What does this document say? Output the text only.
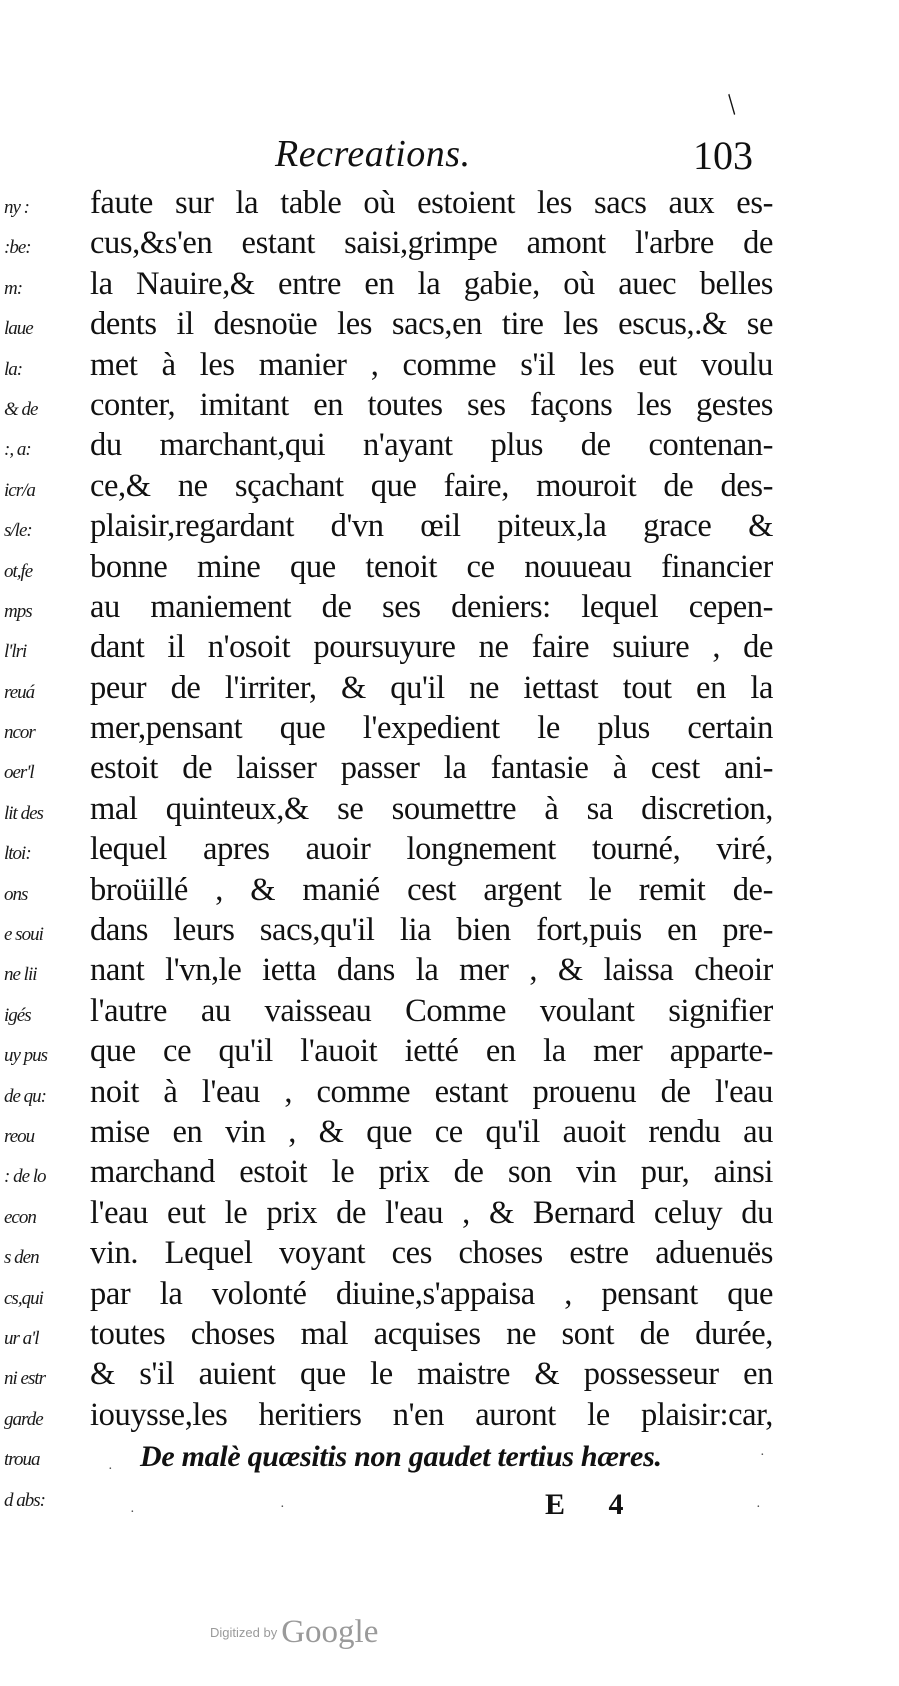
/
Recreations.	103
ny :
:be:
m:
laue
la:
& de
:, a:
icr/a
s/le:
ot,fe
mps
l'lri
reuá
ncor
oer'l
lit des
ltoi:
ons
e soui
ne lii
igés
uy pus
de qu:
reou
: de lo
econ
s den
cs,qui
ur a'l
ni estr
garde
troua
d abs:
faute sur la table où estoient les sacs aux es-
cus,&s'en estant saisi,grimpe amont l'arbre de
la Nauire,& entre en la gabie, où auec belles
dents il desnoüe les sacs,en tire les escus,.& se
met à les manier , comme s'il les eut voulu
conter, imitant en toutes ses façons les gestes
du marchant,qui n'ayant plus de contenan-
ce,& ne sçachant que faire, mouroit de des-
plaisir,regardant d'vn œil piteux,la grace &
bonne mine que tenoit ce nouueau financier
au maniement de ses deniers: lequel cepen-
dant il n'osoit poursuyure ne faire suiure , de
peur de l'irriter, & qu'il ne iettast tout en la
mer,pensant que l'expedient le plus certain
estoit de laisser passer la fantasie à cest ani-
mal quinteux,& se soumettre à sa discretion,
lequel apres auoir longnement tourné, viré,
broüillé , & manié cest argent le remit de-
dans leurs sacs,qu'il lia bien fort,puis en pre-
nant l'vn,le ietta dans la mer , & laissa cheoir
l'autre au vaisseau Comme voulant signifier
que ce qu'il l'auoit ietté en la mer apparte-
noit à l'eau , comme estant prouenu de l'eau
mise en vin , & que ce qu'il auoit rendu au
marchand estoit le prix de son vin pur, ainsi
l'eau eut le prix de l'eau , & Bernard celuy du
vin. Lequel voyant ces choses estre aduenuës
par la volonté diuine,s'appaisa , pensant que
toutes choses mal acquises ne sont de durée,
& s'il auient que le maistre & possesseur en
iouysse,les heritiers n'en auront le plaisir:car,
De malè quæsitis non gaudet tertius hæres.
E 4
·
·
·	·	·
Digitized by Google
